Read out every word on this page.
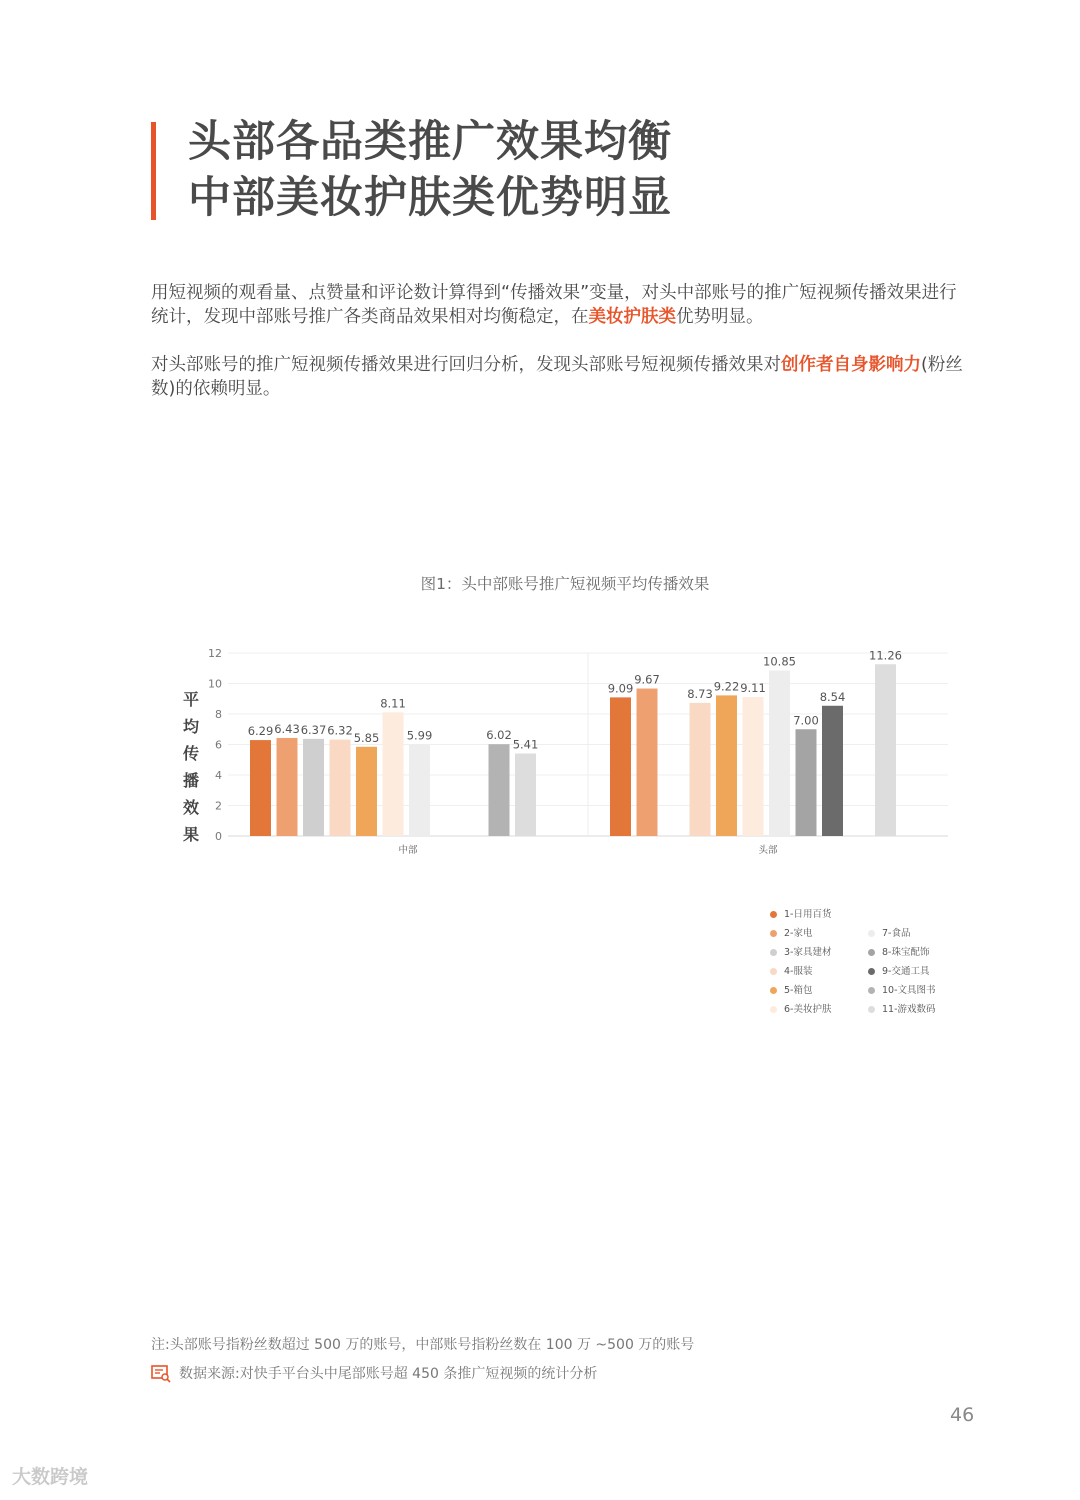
头部各品类推广效果均衡
中部美妆护肤类优势明显
用短视频的观看量、点赞量和评论数计算得到“传播效果”变量，对头中部账号的推广短视频传播效果进行统计，发现中部账号推广各类商品效果相对均衡稳定，在美妆护肤类优势明显。
对头部账号的推广短视频传播效果进行回归分析，发现头部账号短视频传播效果对创作者自身影响力(粉丝数)的依赖明显。
图1：头中部账号推广短视频平均传播效果
平
均
传
播
效
果 0
2
4
6
8
10
12
6.29 6.43 6.37 6.32
5.85
8.11
5.99	6.02
5.41
中部
9.09
9.67
8.73
9.22 9.11
10.85
7.00
8.54
11.26
头部
1-日用百货
2-家电
3-家具建材
4-服装
5-箱包
6-美妆护肤
7-食品
8-珠宝配饰
9-交通工具
10-文具图书
11-游戏数码
注:头部账号指粉丝数超过 500 万的账号，中部账号指粉丝数在 100 万 ~500 万的账号
数据来源:对快手平台头中尾部账号超 450 条推广短视频的统计分析
46
大数跨境
